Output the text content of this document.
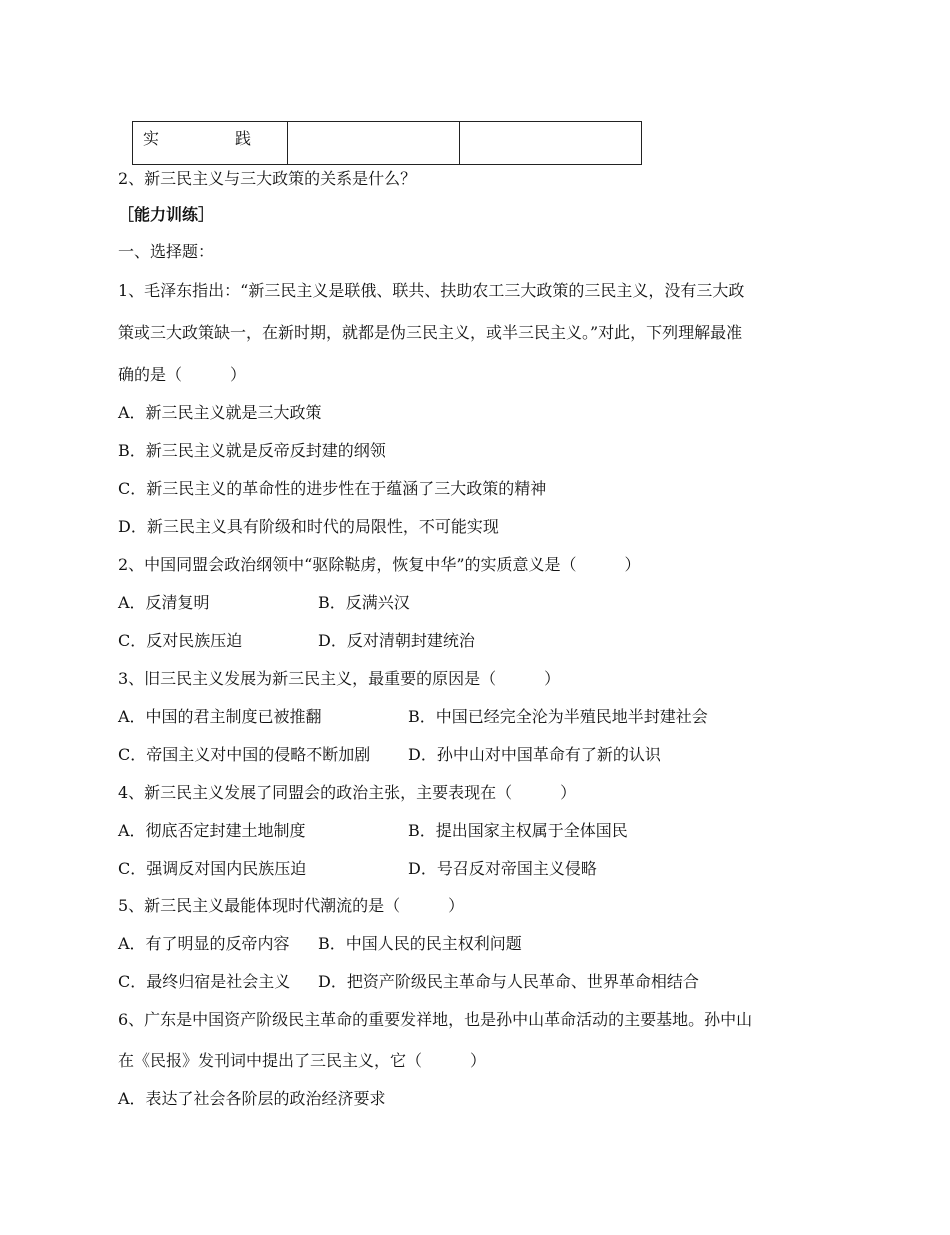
实　践		
2、新三民主义与三大政策的关系是什么？
［能力训练］
一、选择题：
1、毛泽东指出：“新三民主义是联俄、联共、扶助农工三大政策的三民主义，没有三大政
策或三大政策缺一，在新时期，就都是伪三民主义，或半三民主义。”对此，下列理解最准
确的是（　　　）
A．新三民主义就是三大政策
B．新三民主义就是反帝反封建的纲领
C．新三民主义的革命性的进步性在于蕴涵了三大政策的精神
D．新三民主义具有阶级和时代的局限性，不可能实现
2、中国同盟会政治纲领中“驱除鞑虏，恢复中华”的实质意义是（　　　）
A．反清复明	B．反满兴汉
C．反对民族压迫	D．反对清朝封建统治
3、旧三民主义发展为新三民主义，最重要的原因是（　　　）
A．中国的君主制度已被推翻	B．中国已经完全沦为半殖民地半封建社会
C．帝国主义对中国的侵略不断加剧 D．孙中山对中国革命有了新的认识
4、新三民主义发展了同盟会的政治主张，主要表现在（　　　）
A．彻底否定封建土地制度	B．提出国家主权属于全体国民
C．强调反对国内民族压迫	D．号召反对帝国主义侵略
5、新三民主义最能体现时代潮流的是（　　　）
A．有了明显的反帝内容 B．中国人民的民主权利问题
C．最终归宿是社会主义 D．把资产阶级民主革命与人民革命、世界革命相结合
6、广东是中国资产阶级民主革命的重要发祥地，也是孙中山革命活动的主要基地。孙中山
在《民报》发刊词中提出了三民主义，它（　　　）
A．表达了社会各阶层的政治经济要求
